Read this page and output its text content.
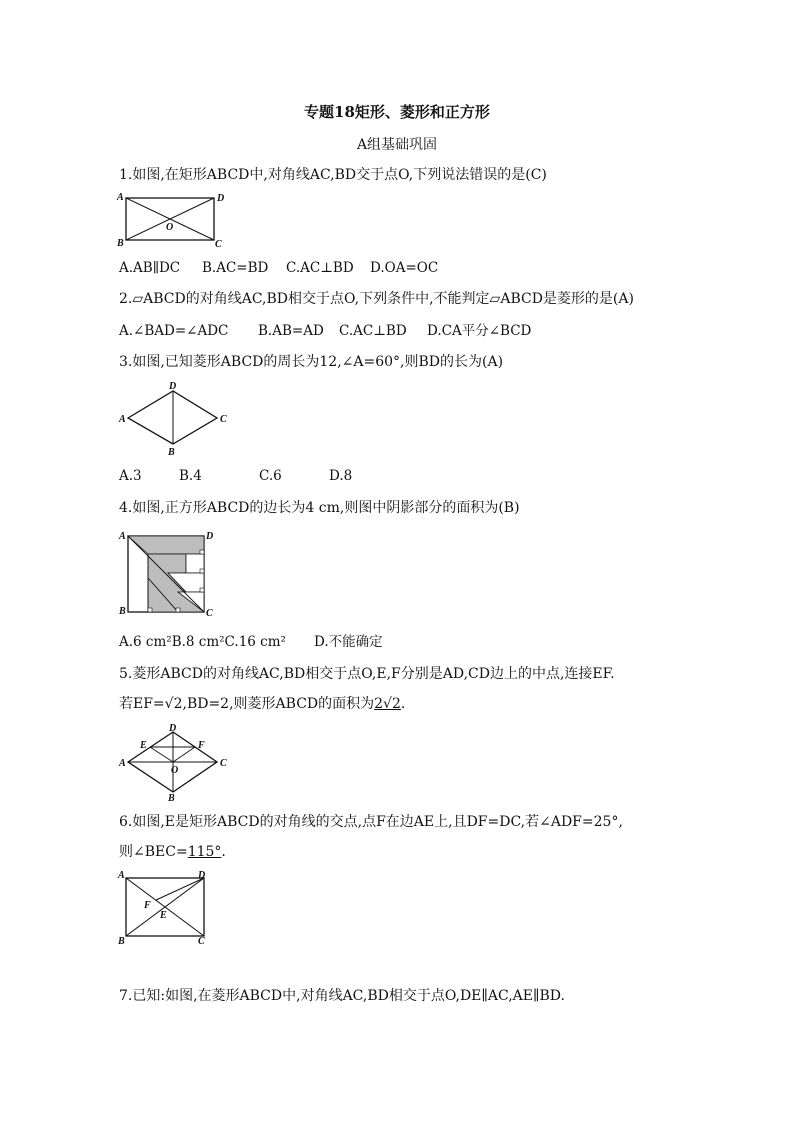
专题18矩形、菱形和正方形
A组基础巩固
1.如图,在矩形ABCD中,对角线AC,BD交于点O,下列说法错误的是(C)
A	D
B	C
O
A.AB∥DC B.AC=BD C.AC⊥BD D.OA=OC
2.▱ABCD的对角线AC,BD相交于点O,下列条件中,不能判定▱ABCD是菱形的是(A)
A.∠BAD=∠ADC B.AB=AD C.AC⊥BD D.CA平分∠BCD
3.如图,已知菱形ABCD的周长为12,∠A=60°,则BD的长为(A)
D
A	C
B
A.3	B.4	C.6	D.8
4.如图,正方形ABCD的边长为4 cm,则图中阴影部分的面积为(B)
A	D
B	C
A.6 cm²B.8 cm²C.16 cm² D.不能确定
5.菱形ABCD的对角线AC,BD相交于点O,E,F分别是AD,CD边上的中点,连接EF.
若EF=√2,BD=2,则菱形ABCD的面积为2√2.
D
E	F
A	C
O
B
6.如图,E是矩形ABCD的对角线的交点,点F在边AE上,且DF=DC,若∠ADF=25°,
则∠BEC=115°.
A	D
F
E
B	C
7.已知:如图,在菱形ABCD中,对角线AC,BD相交于点O,DE∥AC,AE∥BD.
